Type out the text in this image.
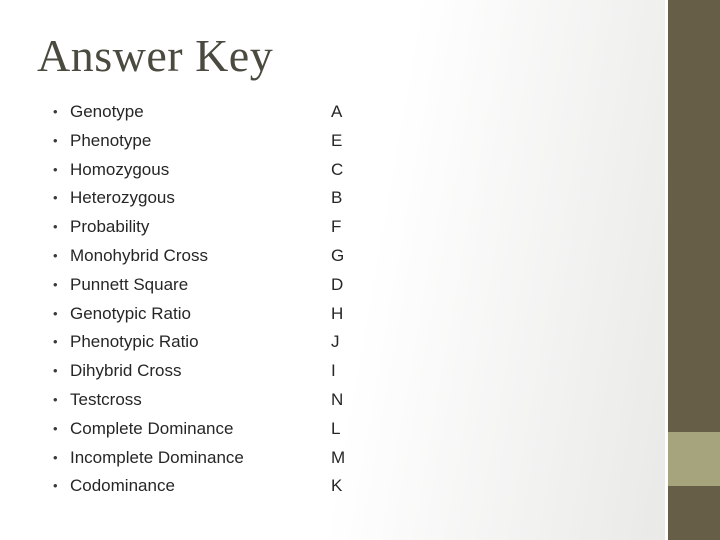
Answer Key
• Genotype
• Phenotype
• Homozygous
• Heterozygous
• Probability
• Monohybrid Cross
• Punnett Square
• Genotypic Ratio
• Phenotypic Ratio
• Dihybrid Cross
• Testcross
• Complete Dominance
• Incomplete Dominance
• Codominance
A
E
C
B
F
G
D
H
J
I
N
L
M
K
